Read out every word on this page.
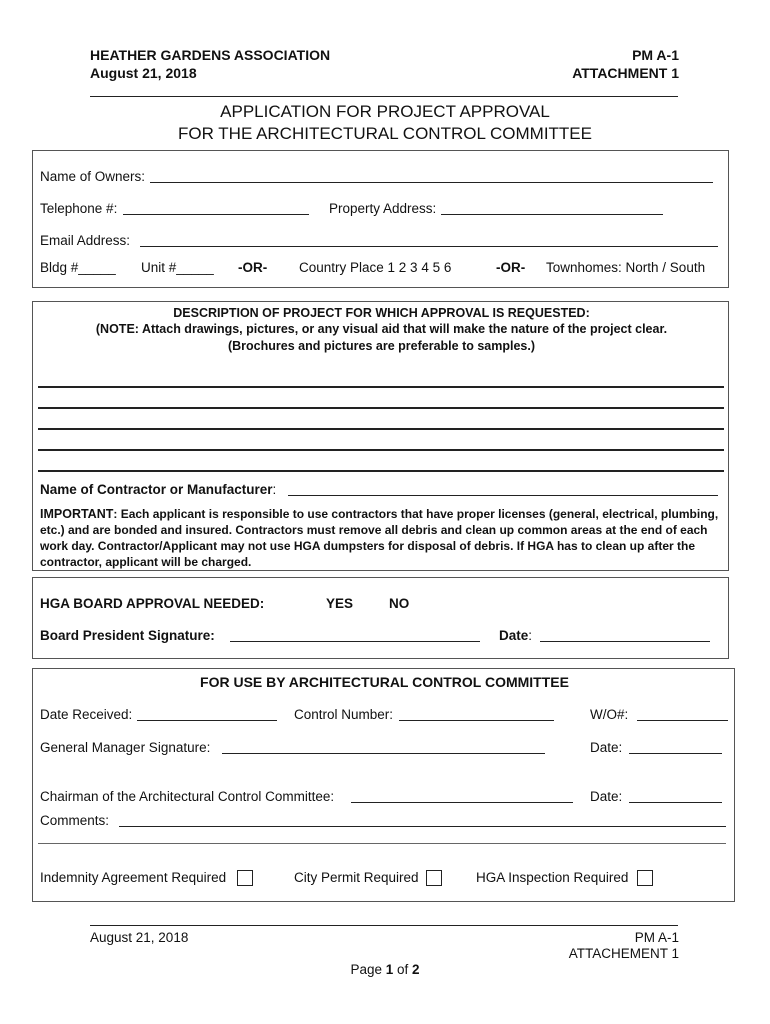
HEATHER GARDENS ASSOCIATION
August 21, 2018
PM A-1
ATTACHMENT 1
APPLICATION FOR PROJECT APPROVAL
FOR THE ARCHITECTURAL CONTROL COMMITTEE
Name of Owners:
Telephone #:	Property Address:
Email Address:
Bldg #_____ Unit #_____ -OR- Country Place 1 2 3 4 5 6	-OR- Townhomes: North / South
DESCRIPTION OF PROJECT FOR WHICH APPROVAL IS REQUESTED:
(NOTE: Attach drawings, pictures, or any visual aid that will make the nature of the project clear.
(Brochures and pictures are preferable to samples.)
Name of Contractor or Manufacturer:
IMPORTANT: Each applicant is responsible to use contractors that have proper licenses (general, electrical, plumbing, etc.) and are bonded and insured. Contractors must remove all debris and clean up common areas at the end of each work day. Contractor/Applicant may not use HGA dumpsters for disposal of debris. If HGA has to clean up after the contractor, applicant will be charged.
HGA BOARD APPROVAL NEEDED:	YES	NO
Board President Signature:	Date:
FOR USE BY ARCHITECTURAL CONTROL COMMITTEE
Date Received:	Control Number:	W/O#:
General Manager Signature:	Date:
Chairman of the Architectural Control Committee:	Date:
Comments:
Indemnity Agreement Required	City Permit Required	HGA Inspection Required
August 21, 2018	PM A-1
ATTACHEMENT 1
Page 1 of 2
